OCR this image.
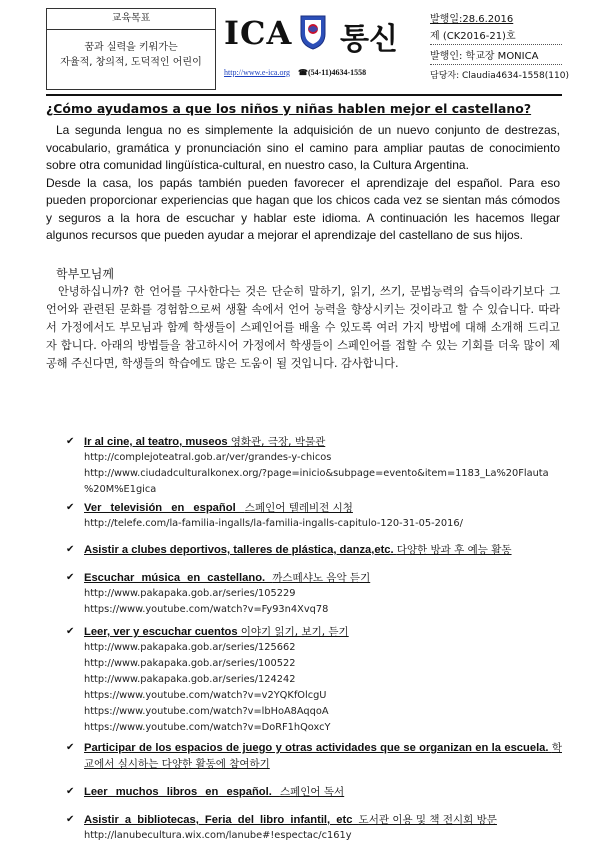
교육목표
꿈과 실력을 키워가는
자율적, 창의적, 도덕적인 어린이
ICA 통신
http://www.e-ica.org ☎(54-11)4634-1558
발행일:28.6.2016
제 (CK2016-21)호
발행인: 학교장 MONICA
담당자: Claudia4634-1558(110)
¿Cómo ayudamos a que los niños y niñas hablen mejor el castellano?

La segunda lengua no es simplemente la adquisición de un nuevo conjunto de destrezas, vocabulario, gramática y pronunciación sino el camino para ampliar pautas de conocimiento sobre otra comunidad lingüística-cultural, en nuestro caso, la Cultura Argentina.

Desde la casa, los papás también pueden favorecer el aprendizaje del español. Para eso pueden proporcionar experiencias que hagan que los chicos cada vez se sientan más cómodos y seguros a la hora de escuchar y hablar este idioma. A continuación les hacemos llegar algunos recursos que pueden ayudar a mejorar el aprendizaje del castellano de sus hijos.

학부모님께
안녕하십니까? 한 언어를 구사한다는 것은 단순히 말하기, 읽기, 쓰기, 문법능력의 습득이라기보다 그 언어와 관련된 문화를 경험함으로써 생활 속에서 언어 능력을 향상시키는 것이라고 할 수 있습니다. 따라서 가정에서도 부모님과 함께 학생들이 스페인어를 배울 수 있도록 여러 가지 방법에 대해 소개해 드리고자 합니다. 아래의 방법들을 참고하시어 가정에서 학생들이 스페인어를 접할 수 있는 기회를 더욱 많이 제공해 주신다면, 학생들의 학습에도 많은 도움이 될 것입니다. 감사합니다.
✔ Ir al cine, al teatro, museos 영화관, 극장, 박물관
http://complejoteatral.gob.ar/ver/grandes-y-chicos
http://www.ciudadculturalkonex.org/?page=inicio&subpage=evento&item=1183_La%20Flauta
%20M%E1gica
✔ Ver televisión en español 스페인어 텔레비전 시청
http://telefe.com/la-familia-ingalls/la-familia-ingalls-capitulo-120-31-05-2016/
✔ Asistir a clubes deportivos, talleres de plástica, danza,etc. 다양한 방과 후 예능 활동
✔ Escuchar música en castellano. 까스떼샤노 음악 듣기
http://www.pakapaka.gob.ar/series/105229
https://www.youtube.com/watch?v=Fy93n4Xvq78
✔ Leer, ver y escuchar cuentos 이야기 읽기, 보기, 듣기
http://www.pakapaka.gob.ar/series/125662
http://www.pakapaka.gob.ar/series/100522
http://www.pakapaka.gob.ar/series/124242
https://www.youtube.com/watch?v=v2YQKfOlcgU
https://www.youtube.com/watch?v=lbHoA8AqqoA
https://www.youtube.com/watch?v=DoRF1hQoxcY
✔ Participar de los espacios de juego y otras actividades que se organizan en la escuela. 학교에서 실시하는 다양한 활동에 참여하기
✔ Leer muchos libros en español. 스페인어 독서
✔ Asistir a bibliotecas, Feria del libro infantil, etc 도서관 이용 및 책 전시회 방문
http://lanubecultura.wix.com/lanube#!espectac/c161y
